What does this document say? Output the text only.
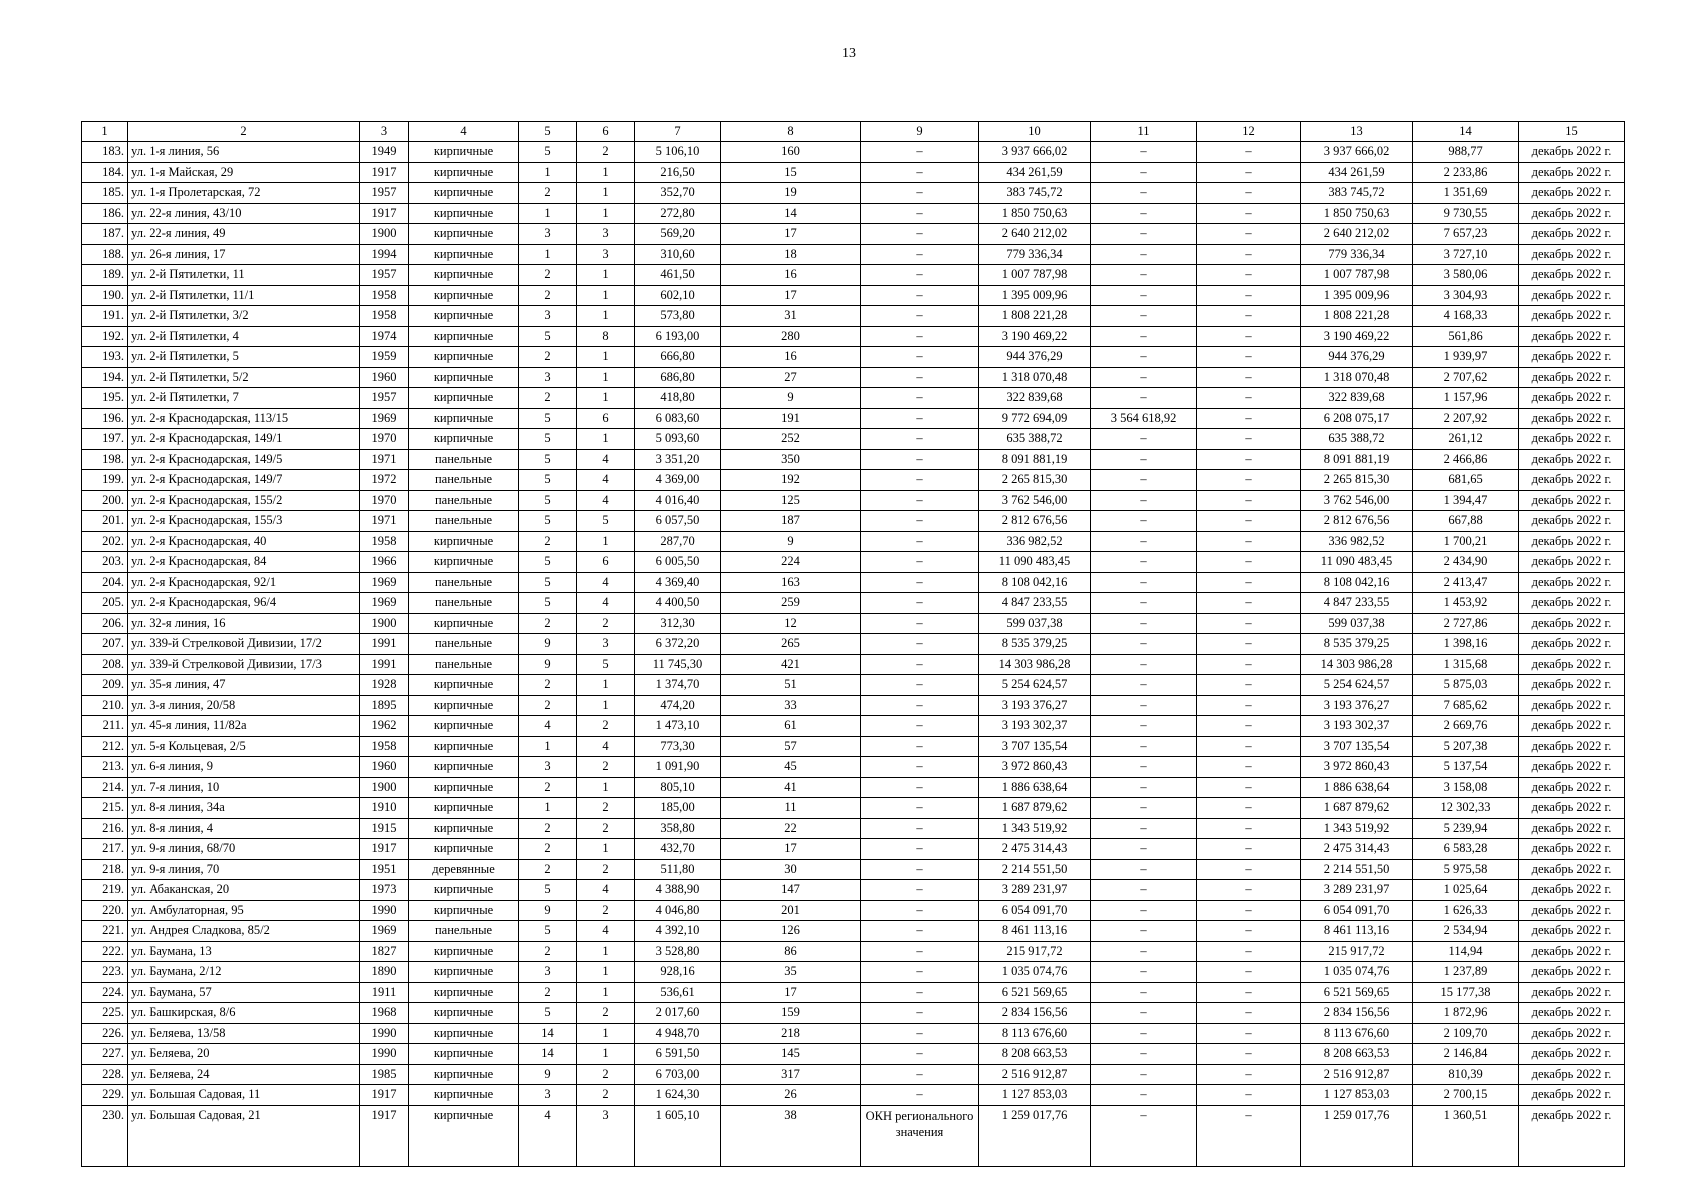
13
1	2	3	4	5	6	7	8	9	10	11	12	13	14	15
183.	ул. 1-я линия, 56	1949	кирпичные	5	2	5 106,10	160	–	3 937 666,02	–	–	3 937 666,02	988,77	декабрь 2022 г.
184.	ул. 1-я Майская, 29	1917	кирпичные	1	1	216,50	15	–	434 261,59	–	–	434 261,59	2 233,86	декабрь 2022 г.
185.	ул. 1-я Пролетарская, 72	1957	кирпичные	2	1	352,70	19	–	383 745,72	–	–	383 745,72	1 351,69	декабрь 2022 г.
186.	ул. 22-я линия, 43/10	1917	кирпичные	1	1	272,80	14	–	1 850 750,63	–	–	1 850 750,63	9 730,55	декабрь 2022 г.
187.	ул. 22-я линия, 49	1900	кирпичные	3	3	569,20	17	–	2 640 212,02	–	–	2 640 212,02	7 657,23	декабрь 2022 г.
188.	ул. 26-я линия, 17	1994	кирпичные	1	3	310,60	18	–	779 336,34	–	–	779 336,34	3 727,10	декабрь 2022 г.
189.	ул. 2-й Пятилетки, 11	1957	кирпичные	2	1	461,50	16	–	1 007 787,98	–	–	1 007 787,98	3 580,06	декабрь 2022 г.
190.	ул. 2-й Пятилетки, 11/1	1958	кирпичные	2	1	602,10	17	–	1 395 009,96	–	–	1 395 009,96	3 304,93	декабрь 2022 г.
191.	ул. 2-й Пятилетки, 3/2	1958	кирпичные	3	1	573,80	31	–	1 808 221,28	–	–	1 808 221,28	4 168,33	декабрь 2022 г.
192.	ул. 2-й Пятилетки, 4	1974	кирпичные	5	8	6 193,00	280	–	3 190 469,22	–	–	3 190 469,22	561,86	декабрь 2022 г.
193.	ул. 2-й Пятилетки, 5	1959	кирпичные	2	1	666,80	16	–	944 376,29	–	–	944 376,29	1 939,97	декабрь 2022 г.
194.	ул. 2-й Пятилетки, 5/2	1960	кирпичные	3	1	686,80	27	–	1 318 070,48	–	–	1 318 070,48	2 707,62	декабрь 2022 г.
195.	ул. 2-й Пятилетки, 7	1957	кирпичные	2	1	418,80	9	–	322 839,68	–	–	322 839,68	1 157,96	декабрь 2022 г.
196.	ул. 2-я Краснодарская, 113/15	1969	кирпичные	5	6	6 083,60	191	–	9 772 694,09	3 564 618,92	–	6 208 075,17	2 207,92	декабрь 2022 г.
197.	ул. 2-я Краснодарская, 149/1	1970	кирпичные	5	1	5 093,60	252	–	635 388,72	–	–	635 388,72	261,12	декабрь 2022 г.
198.	ул. 2-я Краснодарская, 149/5	1971	панельные	5	4	3 351,20	350	–	8 091 881,19	–	–	8 091 881,19	2 466,86	декабрь 2022 г.
199.	ул. 2-я Краснодарская, 149/7	1972	панельные	5	4	4 369,00	192	–	2 265 815,30	–	–	2 265 815,30	681,65	декабрь 2022 г.
200.	ул. 2-я Краснодарская, 155/2	1970	панельные	5	4	4 016,40	125	–	3 762 546,00	–	–	3 762 546,00	1 394,47	декабрь 2022 г.
201.	ул. 2-я Краснодарская, 155/3	1971	панельные	5	5	6 057,50	187	–	2 812 676,56	–	–	2 812 676,56	667,88	декабрь 2022 г.
202.	ул. 2-я Краснодарская, 40	1958	кирпичные	2	1	287,70	9	–	336 982,52	–	–	336 982,52	1 700,21	декабрь 2022 г.
203.	ул. 2-я Краснодарская, 84	1966	кирпичные	5	6	6 005,50	224	–	11 090 483,45	–	–	11 090 483,45	2 434,90	декабрь 2022 г.
204.	ул. 2-я Краснодарская, 92/1	1969	панельные	5	4	4 369,40	163	–	8 108 042,16	–	–	8 108 042,16	2 413,47	декабрь 2022 г.
205.	ул. 2-я Краснодарская, 96/4	1969	панельные	5	4	4 400,50	259	–	4 847 233,55	–	–	4 847 233,55	1 453,92	декабрь 2022 г.
206.	ул. 32-я линия, 16	1900	кирпичные	2	2	312,30	12	–	599 037,38	–	–	599 037,38	2 727,86	декабрь 2022 г.
207.	ул. 339-й Стрелковой Дивизии, 17/2	1991	панельные	9	3	6 372,20	265	–	8 535 379,25	–	–	8 535 379,25	1 398,16	декабрь 2022 г.
208.	ул. 339-й Стрелковой Дивизии, 17/3	1991	панельные	9	5	11 745,30	421	–	14 303 986,28	–	–	14 303 986,28	1 315,68	декабрь 2022 г.
209.	ул. 35-я линия, 47	1928	кирпичные	2	1	1 374,70	51	–	5 254 624,57	–	–	5 254 624,57	5 875,03	декабрь 2022 г.
210.	ул. 3-я линия, 20/58	1895	кирпичные	2	1	474,20	33	–	3 193 376,27	–	–	3 193 376,27	7 685,62	декабрь 2022 г.
211.	ул. 45-я линия, 11/82а	1962	кирпичные	4	2	1 473,10	61	–	3 193 302,37	–	–	3 193 302,37	2 669,76	декабрь 2022 г.
212.	ул. 5-я Кольцевая, 2/5	1958	кирпичные	1	4	773,30	57	–	3 707 135,54	–	–	3 707 135,54	5 207,38	декабрь 2022 г.
213.	ул. 6-я линия, 9	1960	кирпичные	3	2	1 091,90	45	–	3 972 860,43	–	–	3 972 860,43	5 137,54	декабрь 2022 г.
214.	ул. 7-я линия, 10	1900	кирпичные	2	1	805,10	41	–	1 886 638,64	–	–	1 886 638,64	3 158,08	декабрь 2022 г.
215.	ул. 8-я линия, 34а	1910	кирпичные	1	2	185,00	11	–	1 687 879,62	–	–	1 687 879,62	12 302,33	декабрь 2022 г.
216.	ул. 8-я линия, 4	1915	кирпичные	2	2	358,80	22	–	1 343 519,92	–	–	1 343 519,92	5 239,94	декабрь 2022 г.
217.	ул. 9-я линия, 68/70	1917	кирпичные	2	1	432,70	17	–	2 475 314,43	–	–	2 475 314,43	6 583,28	декабрь 2022 г.
218.	ул. 9-я линия, 70	1951	деревянные	2	2	511,80	30	–	2 214 551,50	–	–	2 214 551,50	5 975,58	декабрь 2022 г.
219.	ул. Абаканская, 20	1973	кирпичные	5	4	4 388,90	147	–	3 289 231,97	–	–	3 289 231,97	1 025,64	декабрь 2022 г.
220.	ул. Амбулаторная, 95	1990	кирпичные	9	2	4 046,80	201	–	6 054 091,70	–	–	6 054 091,70	1 626,33	декабрь 2022 г.
221.	ул. Андрея Сладкова, 85/2	1969	панельные	5	4	4 392,10	126	–	8 461 113,16	–	–	8 461 113,16	2 534,94	декабрь 2022 г.
222.	ул. Баумана, 13	1827	кирпичные	2	1	3 528,80	86	–	215 917,72	–	–	215 917,72	114,94	декабрь 2022 г.
223.	ул. Баумана, 2/12	1890	кирпичные	3	1	928,16	35	–	1 035 074,76	–	–	1 035 074,76	1 237,89	декабрь 2022 г.
224.	ул. Баумана, 57	1911	кирпичные	2	1	536,61	17	–	6 521 569,65	–	–	6 521 569,65	15 177,38	декабрь 2022 г.
225.	ул. Башкирская, 8/6	1968	кирпичные	5	2	2 017,60	159	–	2 834 156,56	–	–	2 834 156,56	1 872,96	декабрь 2022 г.
226.	ул. Беляева, 13/58	1990	кирпичные	14	1	4 948,70	218	–	8 113 676,60	–	–	8 113 676,60	2 109,70	декабрь 2022 г.
227.	ул. Беляева, 20	1990	кирпичные	14	1	6 591,50	145	–	8 208 663,53	–	–	8 208 663,53	2 146,84	декабрь 2022 г.
228.	ул. Беляева, 24	1985	кирпичные	9	2	6 703,00	317	–	2 516 912,87	–	–	2 516 912,87	810,39	декабрь 2022 г.
229.	ул. Большая Садовая, 11	1917	кирпичные	3	2	1 624,30	26	–	1 127 853,03	–	–	1 127 853,03	2 700,15	декабрь 2022 г.
230.	ул. Большая Садовая, 21	1917	кирпичные	4	3	1 605,10	38	ОКН регионального значения	1 259 017,76	–	–	1 259 017,76	1 360,51	декабрь 2022 г.
